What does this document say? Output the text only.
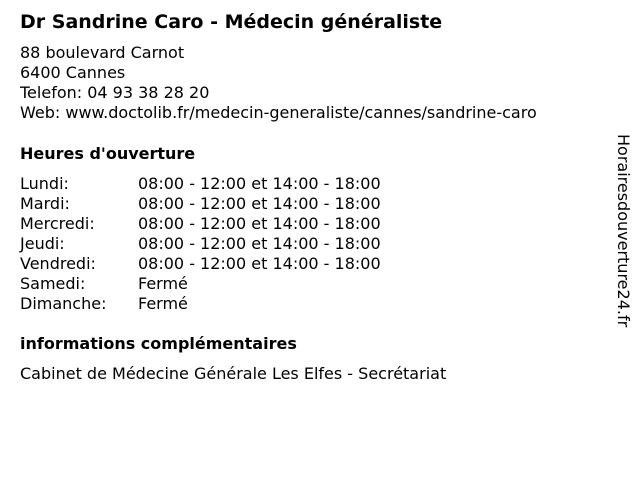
Dr Sandrine Caro - Médecin généraliste
88 boulevard Carnot
6400 Cannes
Telefon: 04 93 38 28 20
Web: www.doctolib.fr/medecin-generaliste/cannes/sandrine-caro
Heures d'ouverture
Lundi:	08:00 - 12:00 et 14:00 - 18:00
Mardi:	08:00 - 12:00 et 14:00 - 18:00
Mercredi:	08:00 - 12:00 et 14:00 - 18:00
Jeudi:	08:00 - 12:00 et 14:00 - 18:00
Vendredi:	08:00 - 12:00 et 14:00 - 18:00
Samedi:	Fermé
Dimanche:	Fermé
informations complémentaires
Cabinet de Médecine Générale Les Elfes - Secrétariat
Horairesdouverture24.fr
